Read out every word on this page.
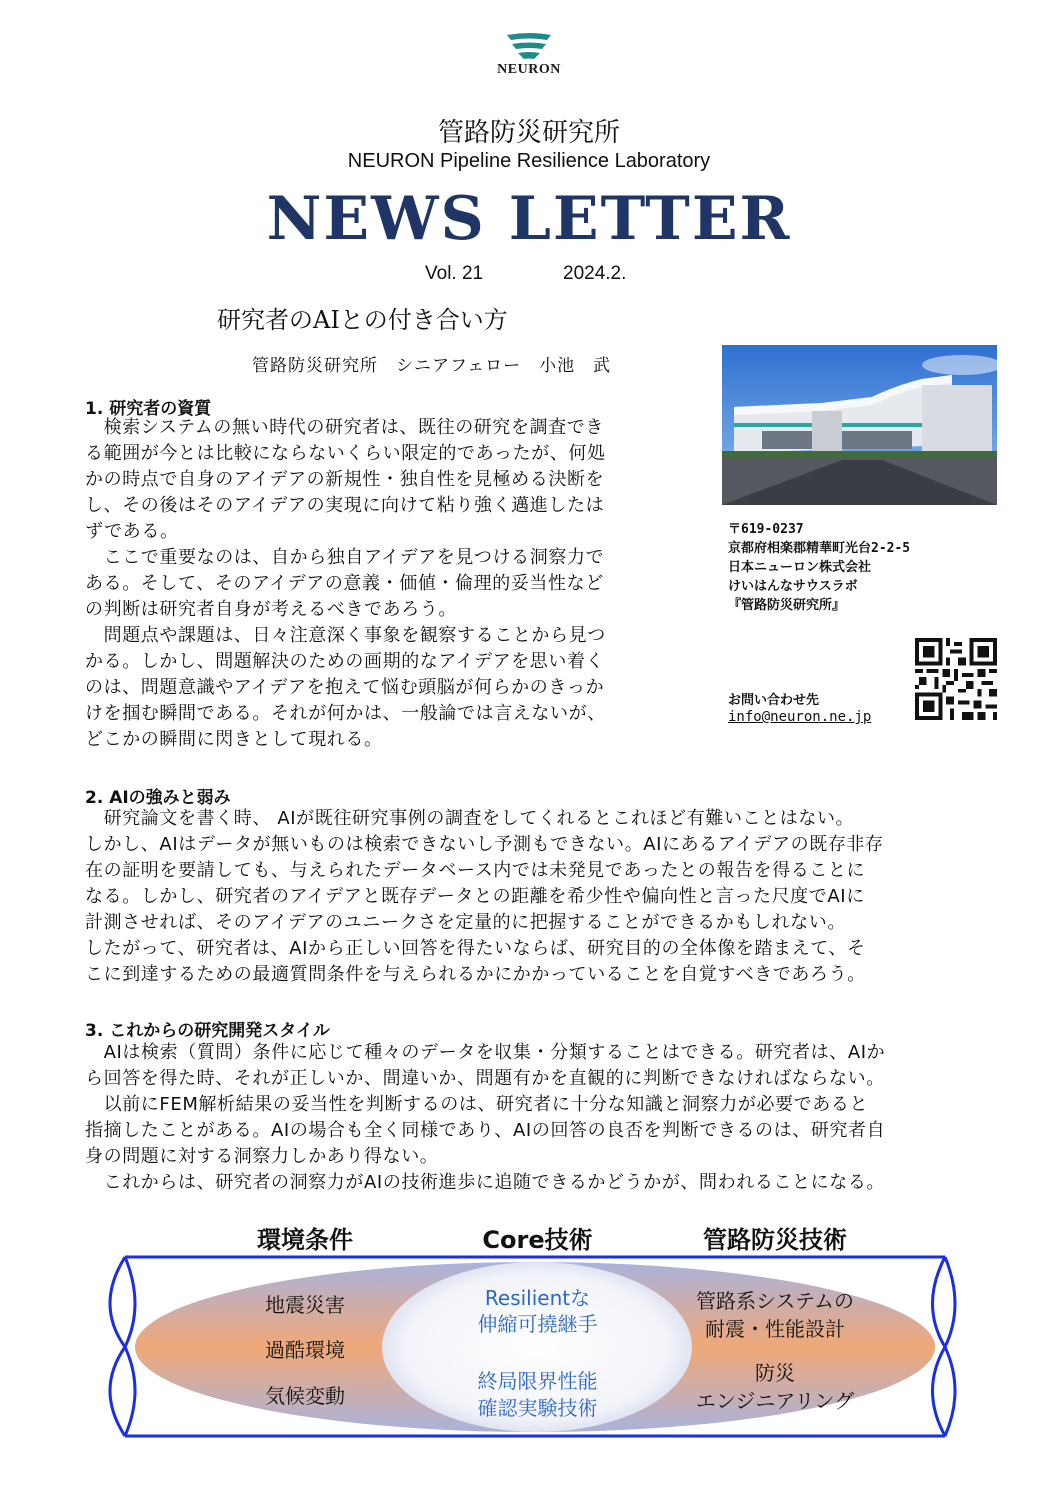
NEURON
管路防災研究所
NEURON Pipeline Resilience Laboratory
NEWS LETTER
Vol. 21	2024.2.
研究者のAIとの付き合い方
管路防災研究所　シニアフェロー　小池　武
1. 研究者の資質

　検索システムの無い時代の研究者は、既往の研究を調査でき

る範囲が今とは比較にならないくらい限定的であったが、何処

かの時点で自身のアイデアの新規性・独自性を見極める決断を

し、その後はそのアイデアの実現に向けて粘り強く邁進したは

ずである。

　ここで重要なのは、自から独自アイデアを見つける洞察力で

ある。そして、そのアイデアの意義・価値・倫理的妥当性など

の判断は研究者自身が考えるべきであろう。

　問題点や課題は、日々注意深く事象を観察することから見つ

かる。しかし、問題解決のための画期的なアイデアを思い着く

のは、問題意識やアイデアを抱えて悩む頭脳が何らかのきっか

けを掴む瞬間である。それが何かは、一般論では言えないが、

どこかの瞬間に閃きとして現れる。

〒619-0237
京都府相楽郡精華町光台2-2-5
日本ニューロン株式会社
けいはんなサウスラボ
『管路防災研究所』
お問い合わせ先
info@neuron.ne.jp
2. AIの強みと弱み

　研究論文を書く時、 AIが既往研究事例の調査をしてくれるとこれほど有難いことはない。

しかし、AIはデータが無いものは検索できないし予測もできない。AIにあるアイデアの既存非存

在の証明を要請しても、与えられたデータベース内では未発見であったとの報告を得ることに

なる。しかし、研究者のアイデアと既存データとの距離を希少性や偏向性と言った尺度でAIに

計測させれば、そのアイデアのユニークさを定量的に把握することができるかもしれない。

したがって、研究者は、AIから正しい回答を得たいならば、研究目的の全体像を踏まえて、そ

こに到達するための最適質問条件を与えられるかにかかっていることを自覚すべきであろう。

3. これからの研究開発スタイル

　AIは検索（質問）条件に応じて種々のデータを収集・分類することはできる。研究者は、AIか

ら回答を得た時、それが正しいか、間違いか、問題有かを直観的に判断できなければならない。

　以前にFEM解析結果の妥当性を判断するのは、研究者に十分な知識と洞察力が必要であると

指摘したことがある。AIの場合も全く同様であり、AIの回答の良否を判断できるのは、研究者自

身の問題に対する洞察力しかあり得ない。

　これからは、研究者の洞察力がAIの技術進歩に追随できるかどうかが、問われることになる。

環境条件	Core技術	管路防災技術
地震災害
過酷環境
気候変動
Resilientな
伸縮可撓継手
終局限界性能
確認実験技術
管路系システムの
耐震・性能設計
防災
エンジニアリング
